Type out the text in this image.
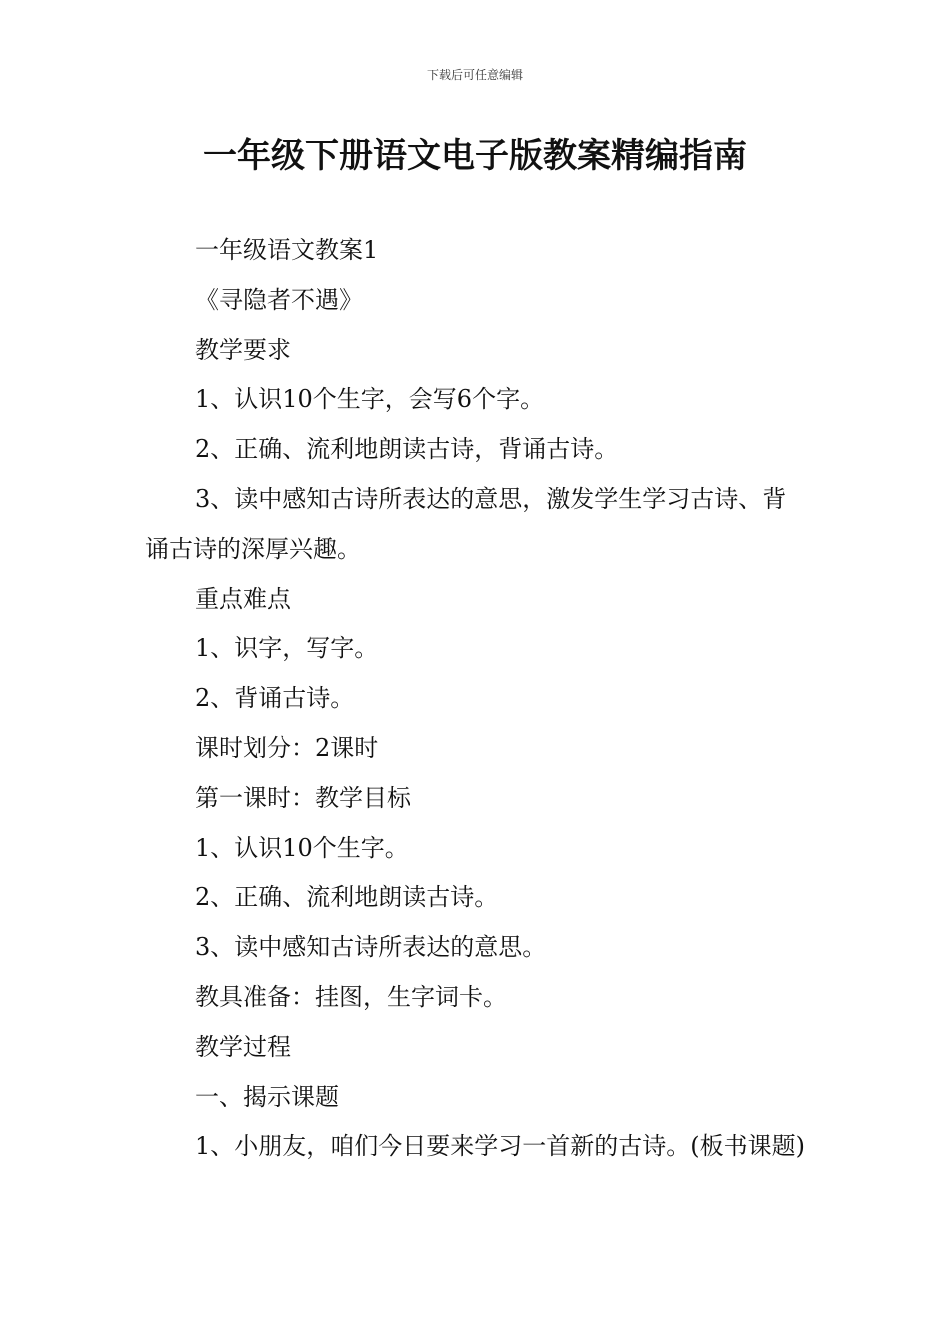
下载后可任意编辑
一年级下册语文电子版教案精编指南

一年级语文教案1

《寻隐者不遇》

教学要求

1、认识10个生字，会写6个字。

2、正确、流利地朗读古诗，背诵古诗。

3、读中感知古诗所表达的意思，激发学生学习古诗、背诵古诗的深厚兴趣。

重点难点

1、识字，写字。

2、背诵古诗。

课时划分：2课时

第一课时：教学目标

1、认识10个生字。

2、正确、流利地朗读古诗。

3、读中感知古诗所表达的意思。

教具准备：挂图，生字词卡。

教学过程

一、揭示课题

1、小朋友，咱们今日要来学习一首新的古诗。(板书课题)
